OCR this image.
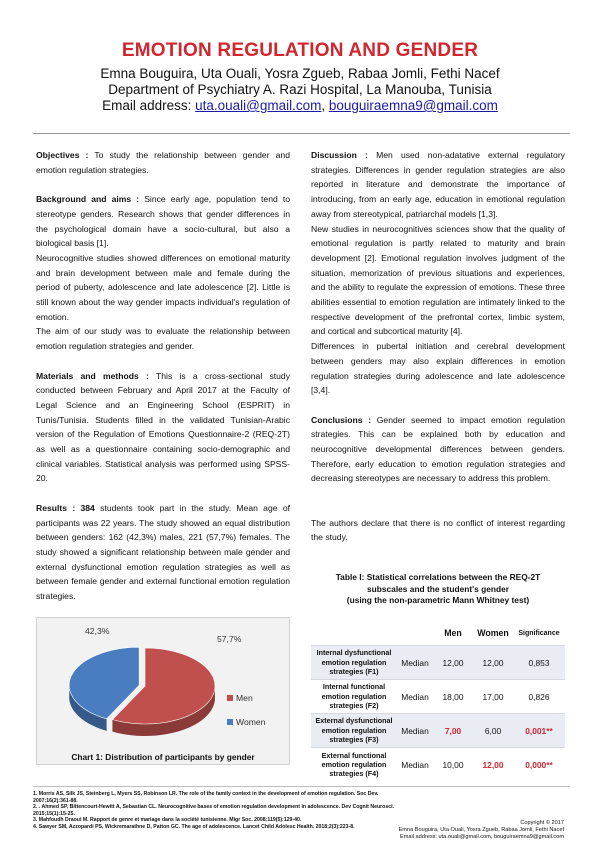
EMOTION REGULATION AND GENDER
Emna Bouguira, Uta Ouali, Yosra Zgueb, Rabaa Jomli, Fethi Nacef
Department of Psychiatry A. Razi Hospital, La Manouba, Tunisia
Email address: uta.ouali@gmail.com, bouguiraemna9@gmail.com

Objectives : To study the relationship between gender and emotion regulation strategies.

Background and aims : Since early age, population tend to stereotype genders. Research shows that gender differences in the psychological domain have a socio-cultural, but also a biological basis [1].

Neurocognitive studies showed differences on emotional maturity and brain development between male and female during the period of puberty, adolescence and late adolescence [2]. Little is still known about the way gender impacts individual's regulation of emotion.

The aim of our study was to evaluate the relationship between emotion regulation strategies and gender.

Materials and methods : This is a cross-sectional study conducted between February and April 2017 at the Faculty of Legal Science and an Engineering School (ESPRIT) in Tunis/Tunisia. Students filled in the validated Tunisian-Arabic version of the Regulation of Emotions Questionnaire-2 (REQ-2T) as well as a questionnaire containing socio-demographic and clinical variables. Statistical analysis was performed using SPSS- 20.

Results : 384 students took part in the study. Mean age of participants was 22 years. The study showed an equal distribution between genders: 162 (42,3%) males, 221 (57,7%) females. The study showed a significant relationship between male gender and external dysfunctional emotion regulation strategies as well as between female gender and external functional emotion regulation strategies.

42,3%
57,7%
Men
Women
Chart 1: Distribution of participants by gender

Discussion : Men used non-adatative external regulatory strategies. Differences in gender regulation strategies are also reported in literature and demonstrate the importance of introducing, from an early age, education in emotional regulation away from stereotypical, patriarchal models [1,3].

New studies in neurocognitives sciences show that the quality of emotional regulation is partly related to maturity and brain development [2]. Emotional regulation involves judgment of the situation, memorization of previous situations and experiences, and the ability to regulate the expression of emotions. These three abilities essential to emotion regulation are intimately linked to the respective development of the prefrontal cortex, limbic system, and cortical and subcortical maturity [4].

Differences in pubertal initiation and cerebral development between genders may also explain differences in emotion regulation strategies during adolescence and late adolescence [3,4].

Conclusions : Gender seemed to impact emotion regulation strategies. This can be explained both by education and neurocognitive developmental differences between genders. Therefore, early education to emotion regulation strategies and decreasing stereotypes are necessary to address this problem.

The authors declare that there is no conflict of interest regarding the study.

Table I: Statistical correlations between the REQ-2T
subscales and the student's gender
(using the non-parametric Mann Whitney test)
		Men	Women	Significance
Internal dysfunctional emotion regulation strategies (F1)	Median	12,00	12,00	0,853
Internal functional emotion regulation strategies (F2)	Median	18,00	17,00	0,826
External dysfunctional emotion regulation strategies (F3)	Median	7,00	6,00	0,001**
External functional emotion regulation strategies (F4)	Median	10,00	12,00	0,000**

1. Morris AS, Silk JS, Steinberg L, Myers SS, Robinson LR. The role of the family context in the development of emotion regulation. Soc Dev. 2007;16(2):361-88.

2. . Ahmed SP, Bittencourt-Hewitt A, Sebastian CL. Neurocognitive bases of emotion regulation development in adolescence. Dev Cognit Neurosci. 2015;15(1):15-25.

3. Mahfoudh Draoui M. Rapport de genre et mariage dans la société tunisienne. Migr Soc. 2008;119(5):129-40.

4. Sawyer SM, Azzopardi PS, Wickremarathne D, Patton GC. The age of adolescence. Lancet Child Adolesc Health. 2018;2(3):223-8.

Copyright © 2017

Emna Bouguira, Uta Ouali, Yosra Zgueb, Rabaa Jomli, Fethi Nacef

Email address: uta.ouali@gmail.com, bouguiraemna9@gmail.com
